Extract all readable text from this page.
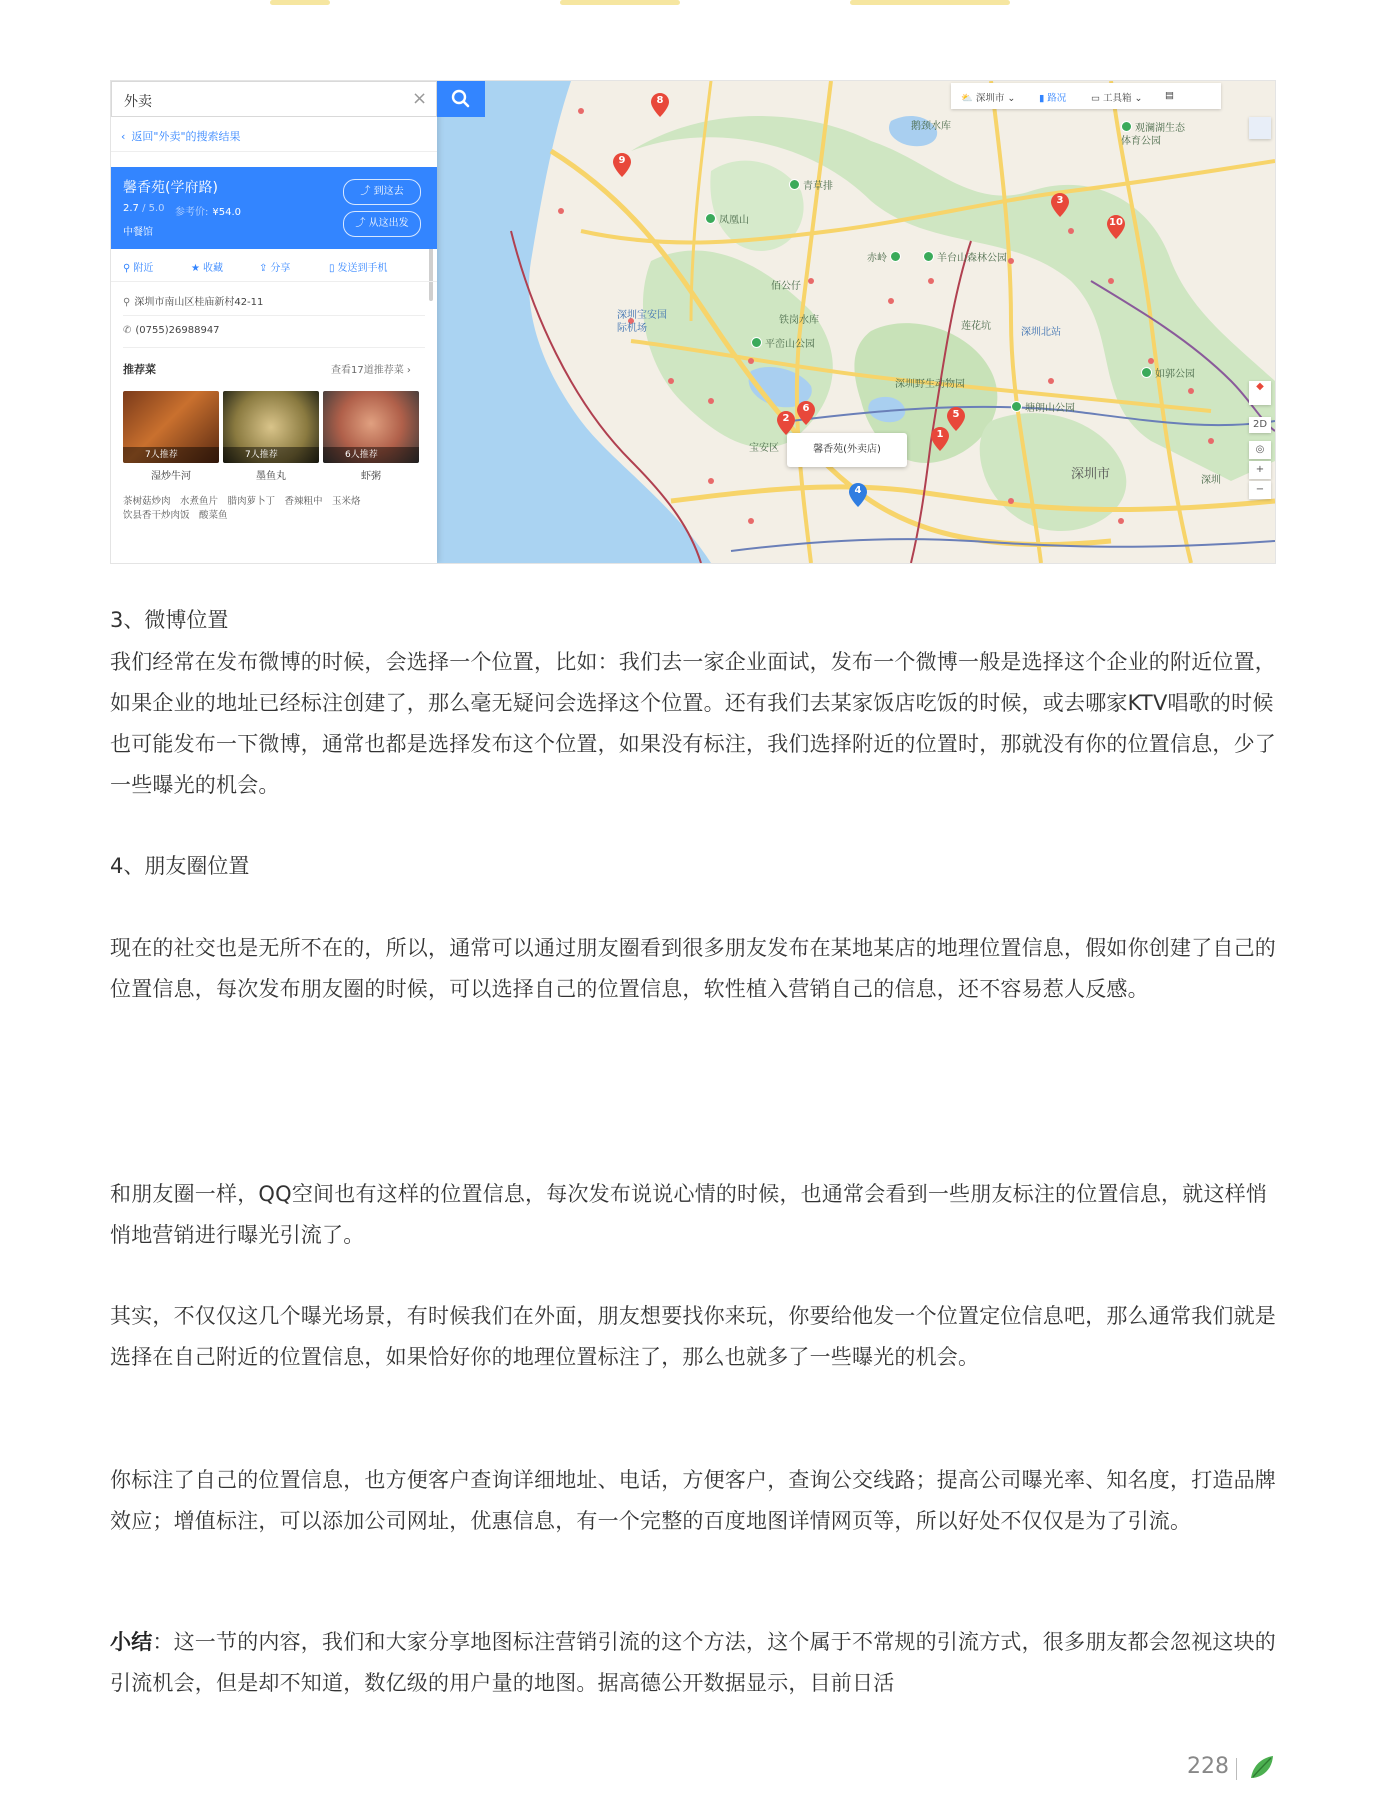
鹅颈水库	观澜湖生态体育公园
青草排
凤凰山
深圳宝安国际机场
赤岭	羊台山森林公园
佰公仔
铁岗水库
平峦山公园
莲花坑
深圳北站
如郭公园
深圳野生动物园
塘朗山公园
宝安区
深圳市	深圳
8
9
3
10
2
6
5
1
4
馨香苑(外卖店)
⛅ 深圳市 ⌄ ▮ 路况	▭ 工具箱 ⌄ ▤
◆
2D
◎
+
−
‹ 返回"外卖"的搜索结果
馨香苑(学府路)
2.7 / 5.0 参考价: ¥54.0
中餐馆
⤴ 到这去
⤴ 从这出发
⚲ 附近	★ 收藏	⇪ 分享	▯ 发送到手机
⚲ 深圳市南山区桂庙新村42-11
✆ (0755)26988947
推荐菜	查看17道推荐菜 ›
7人推荐	7人推荐	6人推荐
湿炒牛河	墨鱼丸	虾粥
茶树菇炒肉　水煮鱼片　腊肉萝卜丁　香辣粗中　玉米烙
饮县香干炒肉饭　酸菜鱼
外卖	×
3、微博位置

我们经常在发布微博的时候，会选择一个位置，比如：我们去一家企业面试，发布一个微博一般是选择这个企业的附近位置，如果企业的地址已经标注创建了，那么毫无疑问会选择这个位置。还有我们去某家饭店吃饭的时候，或去哪家KTV唱歌的时候也可能发布一下微博，通常也都是选择发布这个位置，如果没有标注，我们选择附近的位置时，那就没有你的位置信息，少了一些曝光的机会。

4、朋友圈位置

现在的社交也是无所不在的，所以，通常可以通过朋友圈看到很多朋友发布在某地某店的地理位置信息，假如你创建了自己的位置信息，每次发布朋友圈的时候，可以选择自己的位置信息，软性植入营销自己的信息，还不容易惹人反感。

和朋友圈一样，QQ空间也有这样的位置信息，每次发布说说心情的时候，也通常会看到一些朋友标注的位置信息，就这样悄悄地营销进行曝光引流了。

其实，不仅仅这几个曝光场景，有时候我们在外面，朋友想要找你来玩，你要给他发一个位置定位信息吧，那么通常我们就是选择在自己附近的位置信息，如果恰好你的地理位置标注了，那么也就多了一些曝光的机会。

你标注了自己的位置信息，也方便客户查询详细地址、电话，方便客户，查询公交线路；提高公司曝光率、知名度，打造品牌效应；增值标注，可以添加公司网址，优惠信息，有一个完整的百度地图详情网页等，所以好处不仅仅是为了引流。

小结：这一节的内容，我们和大家分享地图标注营销引流的这个方法，这个属于不常规的引流方式，很多朋友都会忽视这块的引流机会，但是却不知道，数亿级的用户量的地图。据高德公开数据显示，目前日活

228
